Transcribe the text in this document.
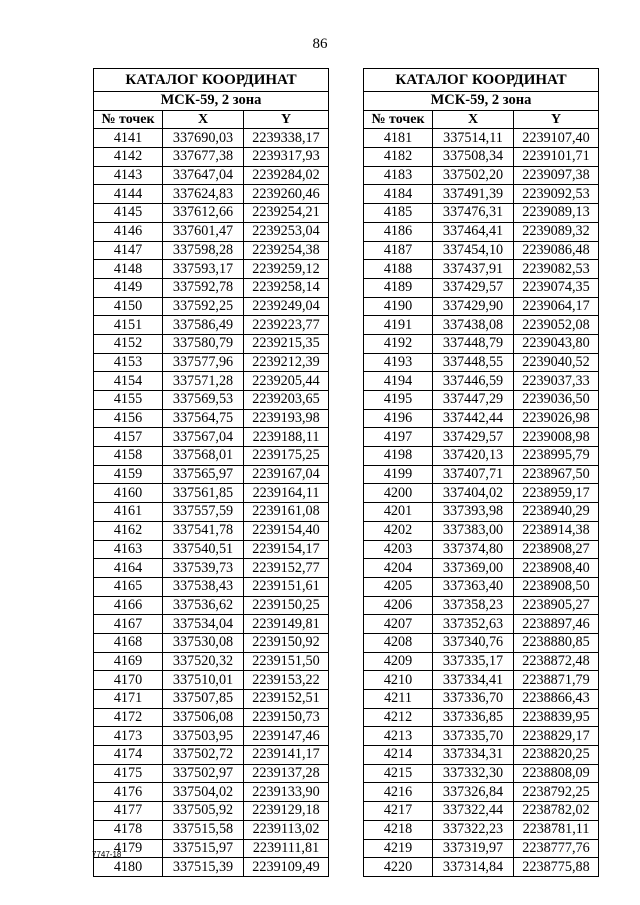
86
КАТАЛОГ КООРДИНАТ		
МСК-59, 2 зона		
№ точек	X	Y
4141	337690,03	2239338,17
4142	337677,38	2239317,93
4143	337647,04	2239284,02
4144	337624,83	2239260,46
4145	337612,66	2239254,21
4146	337601,47	2239253,04
4147	337598,28	2239254,38
4148	337593,17	2239259,12
4149	337592,78	2239258,14
4150	337592,25	2239249,04
4151	337586,49	2239223,77
4152	337580,79	2239215,35
4153	337577,96	2239212,39
4154	337571,28	2239205,44
4155	337569,53	2239203,65
4156	337564,75	2239193,98
4157	337567,04	2239188,11
4158	337568,01	2239175,25
4159	337565,97	2239167,04
4160	337561,85	2239164,11
4161	337557,59	2239161,08
4162	337541,78	2239154,40
4163	337540,51	2239154,17
4164	337539,73	2239152,77
4165	337538,43	2239151,61
4166	337536,62	2239150,25
4167	337534,04	2239149,81
4168	337530,08	2239150,92
4169	337520,32	2239151,50
4170	337510,01	2239153,22
4171	337507,85	2239152,51
4172	337506,08	2239150,73
4173	337503,95	2239147,46
4174	337502,72	2239141,17
4175	337502,97	2239137,28
4176	337504,02	2239133,90
4177	337505,92	2239129,18
4178	337515,58	2239113,02
4179	337515,97	2239111,81
4180	337515,39	2239109,49
КАТАЛОГ КООРДИНАТ		
МСК-59, 2 зона		
№ точек	X	Y
4181	337514,11	2239107,40
4182	337508,34	2239101,71
4183	337502,20	2239097,38
4184	337491,39	2239092,53
4185	337476,31	2239089,13
4186	337464,41	2239089,32
4187	337454,10	2239086,48
4188	337437,91	2239082,53
4189	337429,57	2239074,35
4190	337429,90	2239064,17
4191	337438,08	2239052,08
4192	337448,79	2239043,80
4193	337448,55	2239040,52
4194	337446,59	2239037,33
4195	337447,29	2239036,50
4196	337442,44	2239026,98
4197	337429,57	2239008,98
4198	337420,13	2238995,79
4199	337407,71	2238967,50
4200	337404,02	2238959,17
4201	337393,98	2238940,29
4202	337383,00	2238914,38
4203	337374,80	2238908,27
4204	337369,00	2238908,40
4205	337363,40	2238908,50
4206	337358,23	2238905,27
4207	337352,63	2238897,46
4208	337340,76	2238880,85
4209	337335,17	2238872,48
4210	337334,41	2238871,79
4211	337336,70	2238866,43
4212	337336,85	2238839,95
4213	337335,70	2238829,17
4214	337334,31	2238820,25
4215	337332,30	2238808,09
4216	337326,84	2238792,25
4217	337322,44	2238782,02
4218	337322,23	2238781,11
4219	337319,97	2238777,76
4220	337314,84	2238775,88
7747-18
